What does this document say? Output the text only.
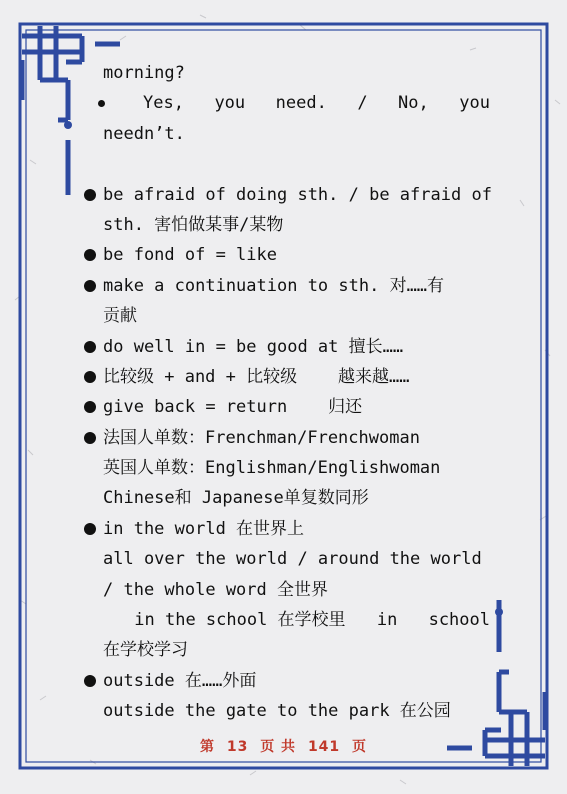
morning?
Yes, you need. / No, you
needn’t.
be afraid of doing sth. / be afraid of
sth. 害怕做某事/某物
be fond of = like
make a continuation to sth. 对……有
贡献
do well in = be good at 擅长……
比较级 + and + 比较级    越来越……
give back = return    归还
法国人单数：Frenchman/Frenchwoman
英国人单数：Englishman/Englishwoman
Chinese和 Japanese单复数同形
in the world 在世界上
all over the world / around the world
/ the whole word 全世界
in the school 在学校里 in school
在学校学习
outside 在……外面
outside the gate to the park 在公园
第 13 页 共 141 页
